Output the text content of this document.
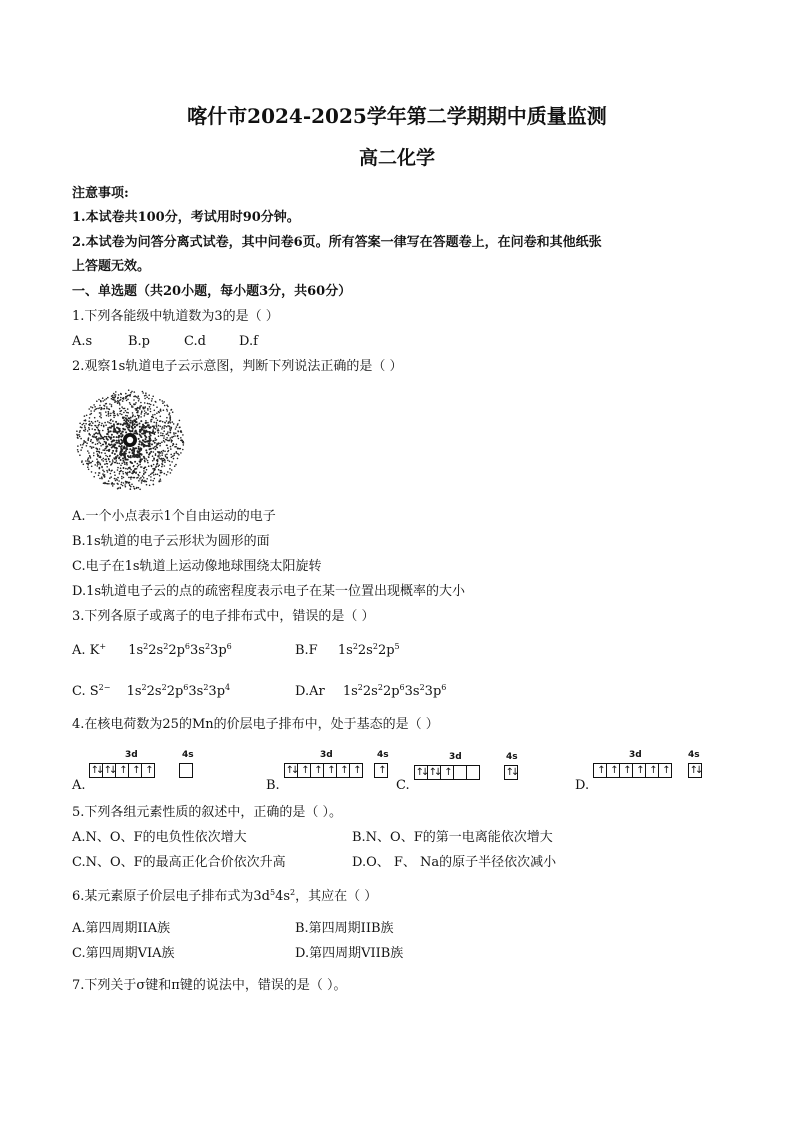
喀什市2024-2025学年第二学期期中质量监测
高二化学
注意事项:
1.本试卷共100分，考试用时90分钟。
2.本试卷为问答分离式试卷，其中问卷6页。所有答案一律写在答题卷上，在问卷和其他纸张
上答题无效。
一、单选题（共20小题，每小题3分，共60分）
1.下列各能级中轨道数为3的是（ ）
A.s	B.p	C.d	D.f
2.观察1s轨道电子云示意图，判断下列说法正确的是（ ）
A.一个小点表示1个自由运动的电子
B.1s轨道的电子云形状为圆形的面
C.电子在1s轨道上运动像地球围绕太阳旋转
D.1s轨道电子云的点的疏密程度表示电子在某一位置出现概率的大小
3.下列各原子或离子的电子排布式中，错误的是（ ）
A. K+ $1s^22s^22p^63s^23p^6$	B.F $1s^22s^22p^5$
C. $S^{2-}$ $1s^22s^22p^63s^23p^4$	D.Ar $1s^22s^22p^63s^23p^6$
4.在核电荷数为25的Mn的价层电子排布中，处于基态的是（ ）
A.
3d	4s
↑↓ ↑↓ ↑ ↑ ↑
B.
3d	4s
↑↓ ↑ ↑ ↑ ↑ ↑	↑
C.
3d	4s
↑↓ ↑↓ ↑	↑↓
D.
3d	4s
↑ ↑ ↑ ↑ ↑ ↑	↑↓
5.下列各组元素性质的叙述中，正确的是（ ）。
A.N、O、F的电负性依次增大	B.N、O、F的第一电离能依次增大
C.N、O、F的最高正化合价依次升高	D.O、 F、 Na的原子半径依次减小
6.某元素原子价层电子排布式为$3d^54s^2$，其应在（ ）
A.第四周期IIA族	B.第四周期IIB族
C.第四周期VIA族	D.第四周期VIIB族
7.下列关于σ键和π键的说法中，错误的是（ ）。
